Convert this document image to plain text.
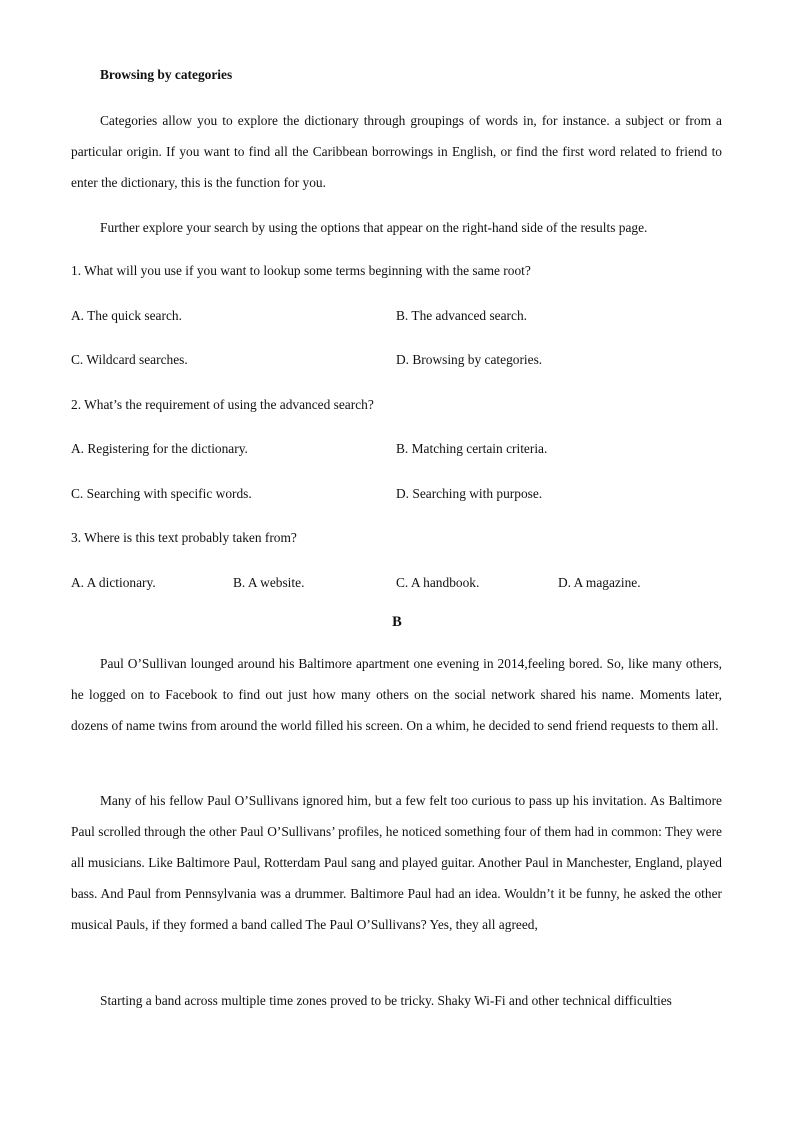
Browsing by categories

Categories allow you to explore the dictionary through groupings of words in, for instance. a subject or from a particular origin. If you want to find all the Caribbean borrowings in English, or find the first word related to friend to enter the dictionary, this is the function for you.

Further explore your search by using the options that appear on the right-hand side of the results page.

1. What will you use if you want to lookup some terms beginning with the same root?
A. The quick search.	B. The advanced search.
C. Wildcard searches.	D. Browsing by categories.
2. What’s the requirement of using the advanced search?
A. Registering for the dictionary.	B. Matching certain criteria.
C. Searching with specific words.	D. Searching with purpose.
3. Where is this text probably taken from?
A. A dictionary.	B. A website.	C. A handbook.	D. A magazine.
B

Paul O’Sullivan lounged around his Baltimore apartment one evening in 2014,feeling bored. So, like many others, he logged on to Facebook to find out just how many others on the social network shared his name. Moments later, dozens of name twins from around the world filled his screen. On a whim, he decided to send friend requests to them all.

Many of his fellow Paul O’Sullivans ignored him, but a few felt too curious to pass up his invitation. As Baltimore Paul scrolled through the other Paul O’Sullivans’ profiles, he noticed something four of them had in common: They were all musicians. Like Baltimore Paul, Rotterdam Paul sang and played guitar. Another Paul in Manchester, England, played bass. And Paul from Pennsylvania was a drummer. Baltimore Paul had an idea. Wouldn’t it be funny, he asked the other musical Pauls, if they formed a band called The Paul O’Sullivans? Yes, they all agreed,

Starting a band across multiple time zones proved to be tricky. Shaky Wi-Fi and other technical difficulties
